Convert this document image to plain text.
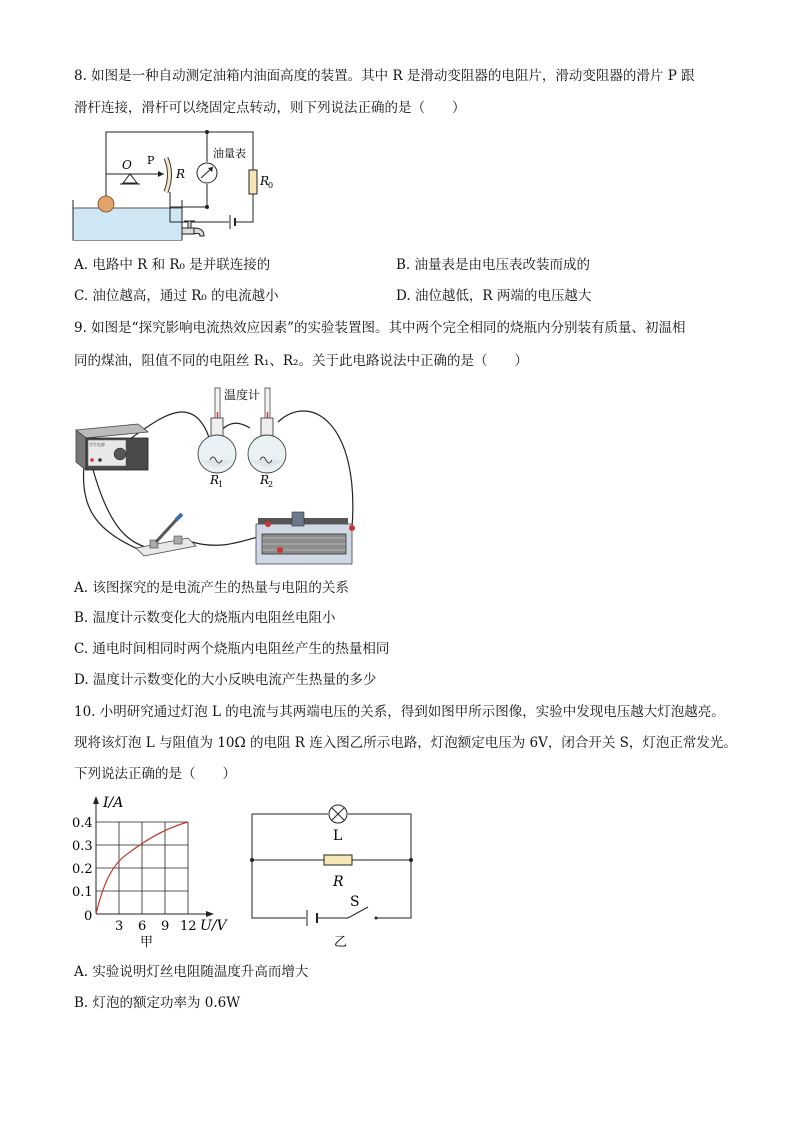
8. 如图是一种自动测定油箱内油面高度的装置。其中 R 是滑动变阻器的电阻片，滑动变阻器的滑片 P 跟
滑杆连接，滑杆可以绕固定点转动，则下列说法正确的是（　　）
O P
R
油量表
R
0
A. 电路中 R 和 R₀ 是并联连接的	B. 油量表是由电压表改装而成的
C. 油位越高，通过 R₀ 的电流越小	D. 油位越低，R 两端的电压越大
9. 如图是“探究影响电流热效应因素”的实验装置图。其中两个完全相同的烧瓶内分别装有质量、初温相
同的煤油，阻值不同的电阻丝 R₁、R₂。关于此电路说法中正确的是（　　）
学生电源
温度计
R
1	R
2
A. 该图探究的是电流产生的热量与电阻的关系
B. 温度计示数变化大的烧瓶内电阻丝电阻小
C. 通电时间相同时两个烧瓶内电阻丝产生的热量相同
D. 温度计示数变化的大小反映电流产生热量的多少
10. 小明研究通过灯泡 L 的电流与其两端电压的关系，得到如图甲所示图像，实验中发现电压越大灯泡越亮。
现将该灯泡 L 与阻值为 10Ω 的电阻 R 连入图乙所示电路，灯泡额定电压为 6V，闭合开关 S，灯泡正常发光。
下列说法正确的是（　　）
I/A
0.4
0.3
0.2
0.1
0
3 6 9 12 U/V
甲
L
R
S
乙
A. 实验说明灯丝电阻随温度升高而增大
B. 灯泡的额定功率为 0.6W
